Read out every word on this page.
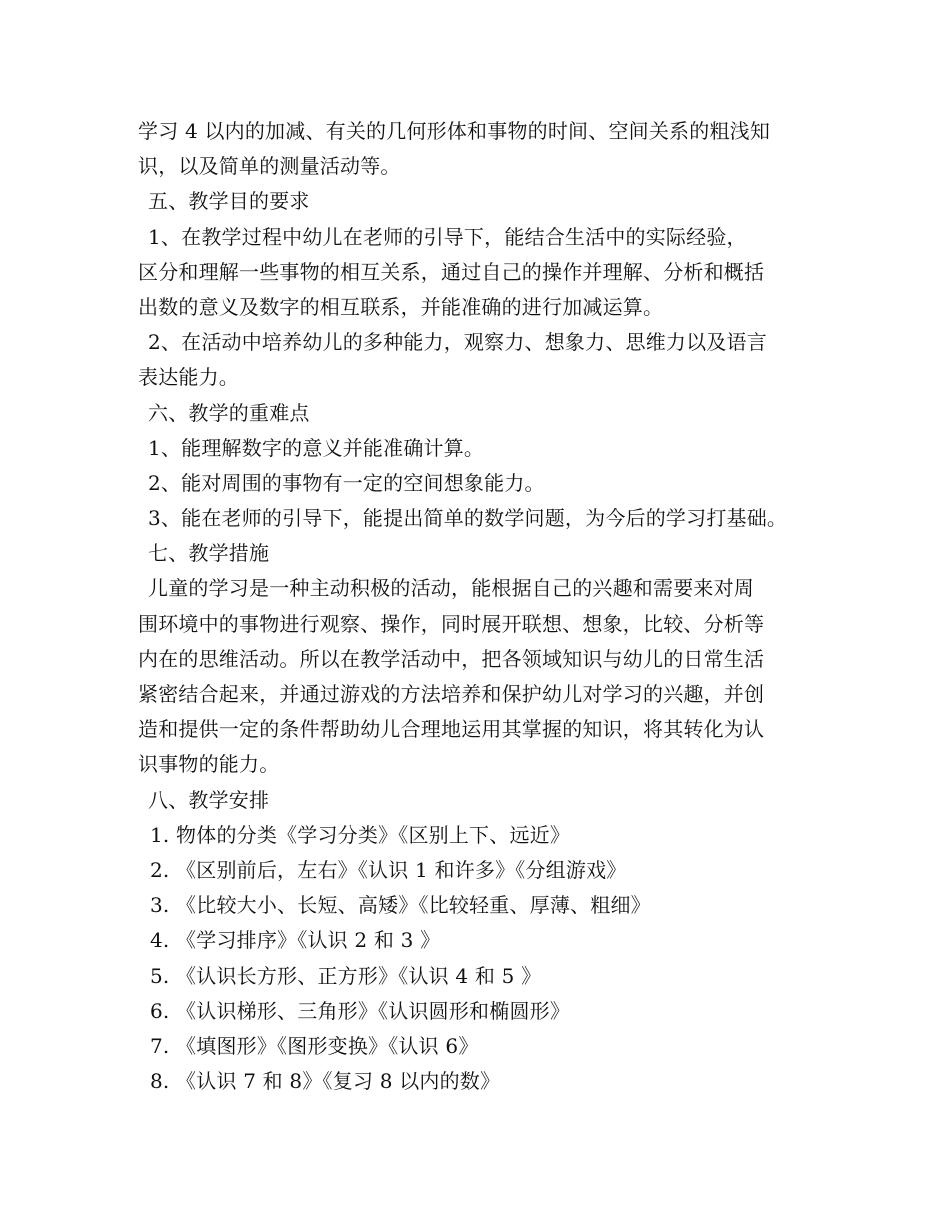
学习 4 以内的加减、有关的几何形体和事物的时间、空间关系的粗浅知
识，以及简单的测量活动等。
五、教学目的要求
1、在教学过程中幼儿在老师的引导下，能结合生活中的实际经验，
区分和理解一些事物的相互关系，通过自己的操作并理解、分析和概括
出数的意义及数字的相互联系，并能准确的进行加减运算。
2、在活动中培养幼儿的多种能力，观察力、想象力、思维力以及语言
表达能力。
六、教学的重难点
1、能理解数字的意义并能准确计算。
2、能对周围的事物有一定的空间想象能力。
3、能在老师的引导下，能提出简单的数学问题，为今后的学习打基础。
七、教学措施
儿童的学习是一种主动积极的活动，能根据自己的兴趣和需要来对周
围环境中的事物进行观察、操作，同时展开联想、想象，比较、分析等
内在的思维活动。所以在教学活动中，把各领域知识与幼儿的日常生活
紧密结合起来，并通过游戏的方法培养和保护幼儿对学习的兴趣，并创
造和提供一定的条件帮助幼儿合理地运用其掌握的知识，将其转化为认
识事物的能力。
八、教学安排
1. 物体的分类《学习分类》《区别上下、远近》
2. 《区别前后，左右》《认识 1 和许多》《分组游戏》
3. 《比较大小、长短、高矮》《比较轻重、厚薄、粗细》
4. 《学习排序》《认识 2 和 3 》
5. 《认识长方形、正方形》《认识 4 和 5 》
6. 《认识梯形、三角形》《认识圆形和椭圆形》
7. 《填图形》《图形变换》《认识 6》
8. 《认识 7 和 8》《复习 8 以内的数》
